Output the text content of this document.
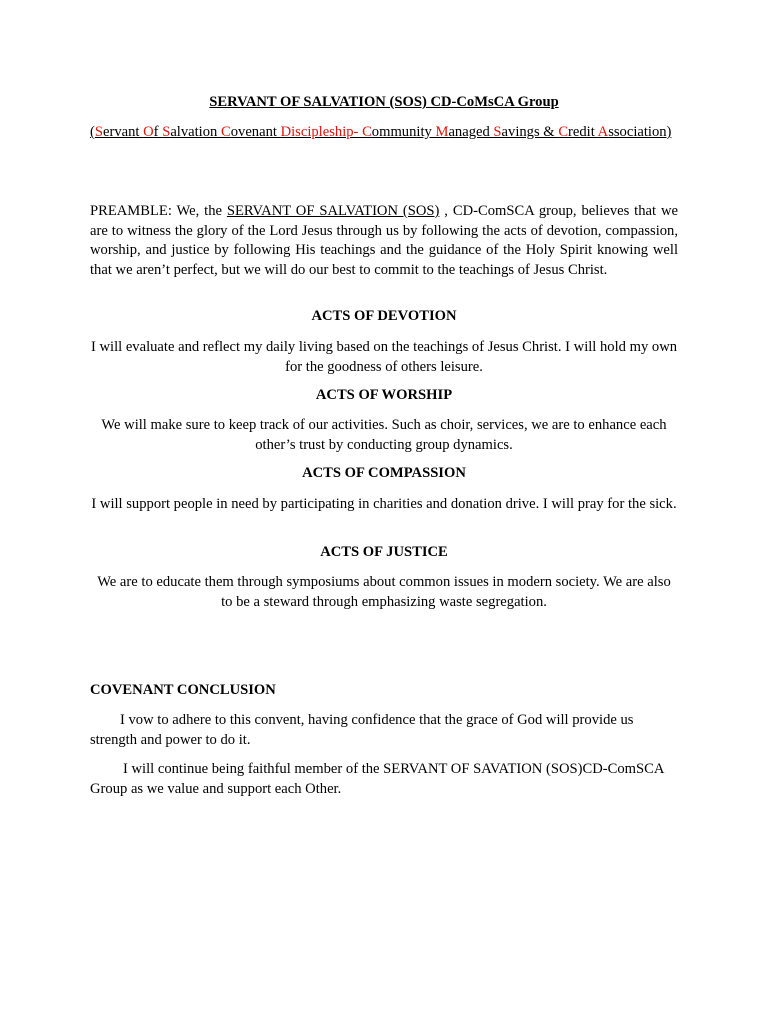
SERVANT OF SALVATION (SOS) CD-CoMsCA Group

(Servant Of Salvation Covenant Discipleship- Community Managed Savings & Credit Association)

PREAMBLE: We, the SERVANT OF SALVATION (SOS) , CD-ComSCA group, believes that we are to witness the glory of the Lord Jesus through us by following the acts of devotion, compassion, worship, and justice by following His teachings and the guidance of the Holy Spirit knowing well that we aren’t perfect, but we will do our best to commit to the teachings of Jesus Christ.

ACTS OF DEVOTION

I will evaluate and reflect my daily living based on the teachings of Jesus Christ. I will hold my own for the goodness of others leisure.

ACTS OF WORSHIP

We will make sure to keep track of our activities. Such as choir, services, we are to enhance each other’s trust by conducting group dynamics.

ACTS OF COMPASSION

I will support people in need by participating in charities and donation drive. I will pray for the sick.

ACTS OF JUSTICE

We are to educate them through symposiums about common issues in modern society. We are also to be a steward through emphasizing waste segregation.

COVENANT CONCLUSION

I vow to adhere to this convent, having confidence that the grace of God will provide us strength and power to do it.

I will continue being faithful member of the SERVANT OF SAVATION (SOS)CD-ComSCA Group as we value and support each Other.
